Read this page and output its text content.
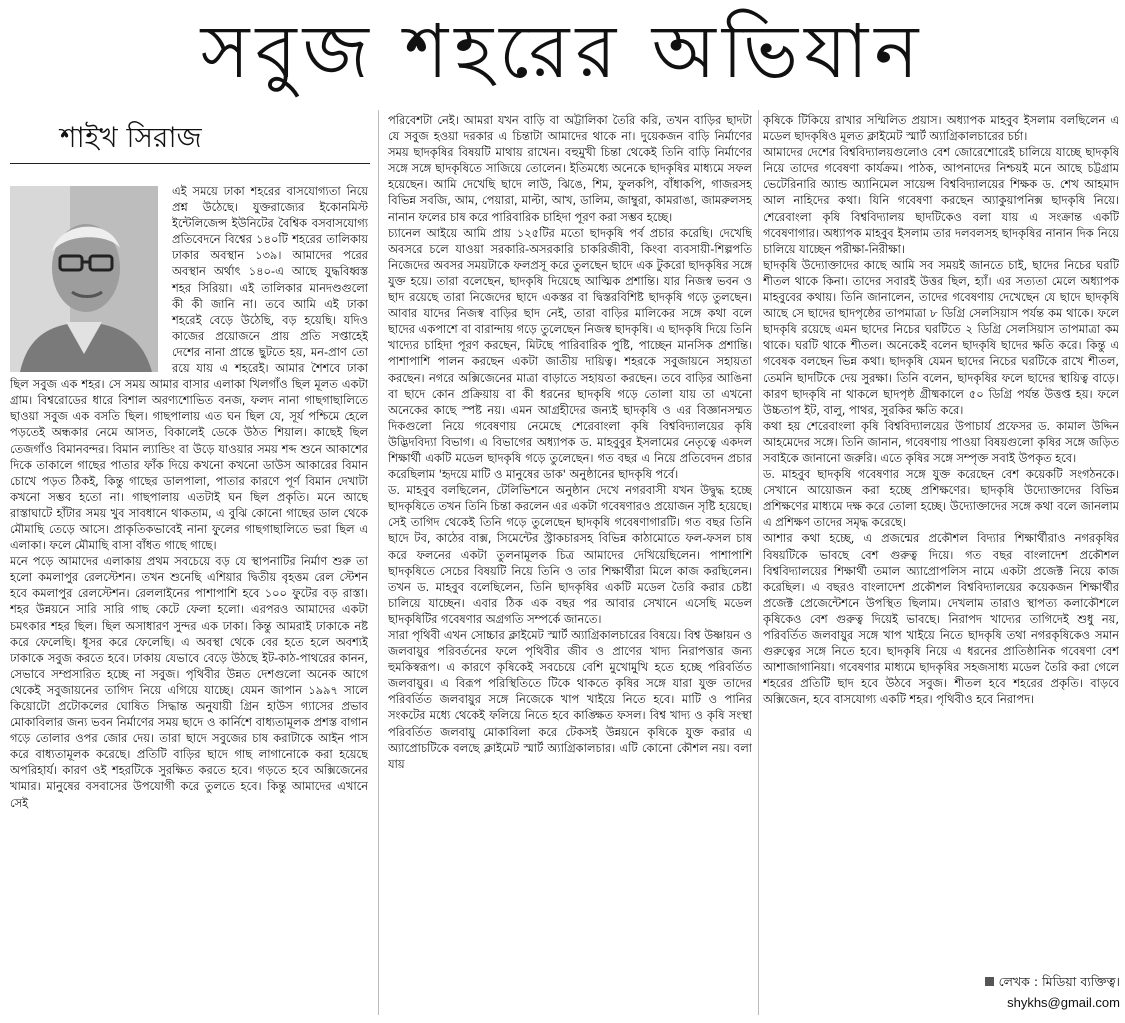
সবুজ শহরের অভিযান
শাইখ সিরাজ

এই সময়ে ঢাকা শহরের বাসযোগ্যতা নিয়ে প্রশ্ন উঠেছে। যুক্তরাজ্যের ইকোনমিস্ট ইন্টেলিজেন্স ইউনিটের বৈশ্বিক বসবাসযোগ্য প্রতিবেদনে বিশ্বের ১৪০টি শহরের তালিকায় ঢাকার অবস্থান ১৩৯। আমাদের পরের অবস্থান অর্থাৎ ১৪০-এ আছে যুদ্ধবিধ্বস্ত শহর সিরিয়া। এই তালিকার মানদণ্ডগুলো কী কী জানি না। তবে আমি এই ঢাকা শহরেই বেড়ে উঠেছি, বড় হয়েছি। যদিও কাজের প্রয়োজনে প্রায় প্রতি সপ্তাহেই দেশের নানা প্রান্তে ছুটতে হয়, মন-প্রাণ তো রয়ে যায় এ শহরেই। আমার শৈশবে ঢাকা ছিল সবুজ এক শহর। সে সময় আমার বাসার এলাকা খিলগাঁও ছিল মূলত একটা গ্রাম। বিশ্বরোডের ধারে বিশাল অরণ্যশোভিত বনজ, ফলদ নানা গাছগাছালিতে ছাওয়া সবুজ এক বসতি ছিল। গাছপালায় এত ঘন ছিল যে, সূর্য পশ্চিমে হেলে পড়তেই অন্ধকার নেমে আসত, বিকালেই ডেকে উঠত শিয়াল। কাছেই ছিল তেজগাঁও বিমানবন্দর। বিমান ল্যান্ডিং বা উড়ে যাওয়ার সময় শব্দ শুনে আকাশের দিকে তাকালে গাছের পাতার ফাঁক দিয়ে কখনো কখনো ডাউস আকারের বিমান চোখে পড়ত ঠিকই, কিন্তু গাছের ডালপালা, পাতার কারণে পূর্ণ বিমান দেখাটা কখনো সম্ভব হতো না। গাছপালায় এতটাই ঘন ছিল প্রকৃতি। মনে আছে রাস্তাঘাটে হাঁটার সময় খুব সাবধানে থাকতাম, এ বুঝি কোনো গাছের ডাল থেকে মৌমাছি তেড়ে আসে। প্রাকৃতিকভাবেই নানা ফুলের গাছগাছালিতে ভরা ছিল এ এলাকা। ফলে মৌমাছি বাসা বাঁধত গাছে গাছে।

মনে পড়ে আমাদের এলাকায় প্রথম সবচেয়ে বড় যে স্থাপনাটির নির্মাণ শুরু তা হলো কমলাপুর রেলস্টেশন। তখন শুনেছি এশিয়ার দ্বিতীয় বৃহত্তম রেল স্টেশন হবে কমলাপুর রেলস্টেশন। রেললাইনের পাশাপাশি হবে ১০০ ফুটের বড় রাস্তা। শহর উন্নয়নে সারি সারি গাছ কেটে ফেলা হলো। এরপরও আমাদের একটা চমৎকার শহর ছিল। ছিল অসাধারণ সুন্দর এক ঢাকা। কিন্তু আমরাই ঢাকাকে নষ্ট করে ফেলেছি। ধূসর করে ফেলেছি। এ অবস্থা থেকে বের হতে হলে অবশ্যই ঢাকাকে সবুজ করতে হবে। ঢাকায় যেভাবে বেড়ে উঠছে ইট-কাঠ-পাথরের কানন, সেভাবে সম্প্রসারিত হচ্ছে না সবুজ। পৃথিবীর উন্নত দেশগুলো অনেক আগে থেকেই সবুজায়নের তাগিদ নিয়ে এগিয়ে যাচ্ছে। যেমন জাপান ১৯৯৭ সালে কিয়োটো প্রটোকলের ঘোষিত সিদ্ধান্ত অনুযায়ী গ্রিন হাউস গ্যাসের প্রভাব মোকাবিলার জন্য ভবন নির্মাণের সময় ছাদে ও কার্নিশে বাধ্যতামূলক প্রশস্ত বাগান গড়ে তোলার ওপর জোর দেয়। তারা ছাদে সবুজের চাষ করাটাকে আইন পাস করে বাধ্যতামূলক করেছে। প্রতিটি বাড়ির ছাদে গাছ লাগানোকে করা হয়েছে অপরিহার্য। কারণ ওই শহরটিকে সুরক্ষিত করতে হবে। গড়তে হবে অক্সিজেনের খামার। মানুষের বসবাসের উপযোগী করে তুলতে হবে। কিন্তু আমাদের এখানে সেই

পরিবেশটা নেই। আমরা যখন বাড়ি বা অট্টালিকা তৈরি করি, তখন বাড়ির ছাদটা যে সবুজ হওয়া দরকার এ চিন্তাটা আমাদের থাকে না। দুয়েকজন বাড়ি নির্মাণের সময় ছাদকৃষির বিষয়টি মাথায় রাখেন। বহুমুখী চিন্তা থেকেই তিনি বাড়ি নির্মাণের সঙ্গে সঙ্গে ছাদকৃষিতে সাজিয়ে তোলেন। ইতিমধ্যে অনেকে ছাদকৃষির মাধ্যমে সফল হয়েছেন। আমি দেখেছি ছাদে লাউ, ঝিঙে, শিম, ফুলকপি, বাঁধাকপি, গাজরসহ বিভিন্ন সবজি, আম, পেয়ারা, মাল্টা, আখ, ডালিম, জাম্বুরা, কামরাঙা, জামরুলসহ নানান ফলের চাষ করে পারিবারিক চাহিদা পূরণ করা সম্ভব হচ্ছে।

চ্যানেল আইয়ে আমি প্রায় ১২৫টির মতো ছাদকৃষি পর্ব প্রচার করেছি। দেখেছি অবসরে চলে যাওয়া সরকারি-অসরকারি চাকরিজীবী, কিংবা ব্যবসায়ী-শিল্পপতি নিজেদের অবসর সময়টাকে ফলপ্রসূ করে তুলছেন ছাদে এক টুকরো ছাদকৃষির সঙ্গে যুক্ত হয়ে। তারা বলেছেন, ছাদকৃষি দিয়েছে আত্মিক প্রশান্তি। যার নিজস্ব ভবন ও ছাদ রয়েছে তারা নিজেদের ছাদে একস্তর বা দ্বিস্তরবিশিষ্ট ছাদকৃষি গড়ে তুলছেন। আবার যাদের নিজস্ব বাড়ির ছাদ নেই, তারা বাড়ির মালিকের সঙ্গে কথা বলে ছাদের একপাশে বা বারান্দায় গড়ে তুলেছেন নিজস্ব ছাদকৃষি। এ ছাদকৃষি দিয়ে তিনি খাদ্যের চাহিদা পূরণ করছেন, মিটছে পারিবারিক পুষ্টি, পাচ্ছেন মানসিক প্রশান্তি। পাশাপাশি পালন করছেন একটা জাতীয় দায়িত্ব। শহরকে সবুজায়নে সহায়তা করছেন। নগরে অক্সিজেনের মাত্রা বাড়াতে সহায়তা করছেন। তবে বাড়ির আঙিনা বা ছাদে কোন প্রক্রিয়ায় বা কী ধরনের ছাদকৃষি গড়ে তোলা যায় তা এখনো অনেকের কাছে স্পষ্ট নয়। এমন আগ্রহীদের জন্যই ছাদকৃষি ও এর বিজ্ঞানসম্মত দিকগুলো নিয়ে গবেষণায় নেমেছে শেরেবাংলা কৃষি বিশ্ববিদ্যালয়ের কৃষি উদ্ভিদবিদ্যা বিভাগ। এ বিভাগের অধ্যাপক ড. মাহবুবুর ইসলামের নেতৃত্বে একদল শিক্ষার্থী একটি মডেল ছাদকৃষি গড়ে তুলেছেন। গত বছর এ নিয়ে প্রতিবেদন প্রচার করেছিলাম 'হৃদয়ে মাটি ও মানুষের ডাক' অনুষ্ঠানের ছাদকৃষি পর্বে।

ড. মাহবুব বলছিলেন, টেলিভিশনে অনুষ্ঠান দেখে নগরবাসী যখন উদ্বুদ্ধ হচ্ছে ছাদকৃষিতে তখন তিনি চিন্তা করলেন এর একটা গবেষণারও প্রয়োজন সৃষ্টি হয়েছে। সেই তাগিদ থেকেই তিনি গড়ে তুলেছেন ছাদকৃষি গবেষণাগারটি। গত বছর তিনি ছাদে টব, কাঠের বাক্স, সিমেন্টের স্ট্রাকচারসহ বিভিন্ন কাঠামোতে ফল-ফসল চাষ করে ফলনের একটা তুলনামূলক চিত্র আমাদের দেখিয়েছিলেন। পাশাপাশি ছাদকৃষিতে সেচের বিষয়টি নিয়ে তিনি ও তার শিক্ষার্থীরা মিলে কাজ করছিলেন। তখন ড. মাহবুব বলেছিলেন, তিনি ছাদকৃষির একটি মডেল তৈরি করার চেষ্টা চালিয়ে যাচ্ছেন। এবার ঠিক এক বছর পর আবার সেখানে এসেছি মডেল ছাদকৃষিটির গবেষণার অগ্রগতি সম্পর্কে জানতে।

সারা পৃথিবী এখন সোচ্চার ক্লাইমেট স্মার্ট অ্যাগ্রিকালচারের বিষয়ে। বিশ্ব উষ্ণায়ন ও জলবায়ুর পরিবর্তনের ফলে পৃথিবীর জীব ও প্রাণের খাদ্য নিরাপত্তার জন্য হুমকিস্বরূপ। এ কারণে কৃষিকেই সবচেয়ে বেশি মুখোমুখি হতে হচ্ছে পরিবর্তিত জলবায়ুর। এ বিরূপ পরিস্থিতিতে টিকে থাকতে কৃষির সঙ্গে যারা যুক্ত তাদের পরিবর্তিত জলবায়ুর সঙ্গে নিজেকে খাপ খাইয়ে নিতে হবে। মাটি ও পানির সংকটের মধ্যে থেকেই ফলিয়ে নিতে হবে কাঙ্ক্ষিত ফসল। বিশ্ব খাদ্য ও কৃষি সংস্থা পরিবর্তিত জলবায়ু মোকাবিলা করে টেকসই উন্নয়নে কৃষিকে যুক্ত করার এ অ্যাপ্রোচটিকে বলছে ক্লাইমেট স্মার্ট অ্যাগ্রিকালচার। এটি কোনো কৌশল নয়। বলা যায়

কৃষিকে টিকিয়ে রাখার সম্মিলিত প্রয়াস। অধ্যাপক মাহবুব ইসলাম বলছিলেন এ মডেল ছাদকৃষিও মূলত ক্লাইমেট স্মার্ট অ্যাগ্রিকালচারের চর্চা।

আমাদের দেশের বিশ্ববিদ্যালয়গুলোও বেশ জোরেশোরেই চালিয়ে যাচ্ছে ছাদকৃষি নিয়ে তাদের গবেষণা কার্যক্রম। পাঠক, আপনাদের নিশ্চয়ই মনে আছে চট্টগ্রাম ভেটেরিনারি অ্যান্ড অ্যানিমেল সায়েন্স বিশ্ববিদ্যালয়ের শিক্ষক ড. শেখ আহমাদ আল নাহিদের কথা। যিনি গবেষণা করছেন অ্যাকুয়াপনিক্স ছাদকৃষি নিয়ে। শেরেবাংলা কৃষি বিশ্ববিদ্যালয় ছাদটিকেও বলা যায় এ সংক্রান্ত একটি গবেষণাগার। অধ্যাপক মাহবুব ইসলাম তার দলবলসহ ছাদকৃষির নানান দিক নিয়ে চালিয়ে যাচ্ছেন পরীক্ষা-নিরীক্ষা।

ছাদকৃষি উদ্যোক্তাদের কাছে আমি সব সময়ই জানতে চাই, ছাদের নিচের ঘরটি শীতল থাকে কিনা। তাদের সবারই উত্তর ছিল, হ্যাঁ। এর সত্যতা মেলে অধ্যাপক মাহবুবের কথায়। তিনি জানালেন, তাদের গবেষণায় দেখেছেন যে ছাদে ছাদকৃষি আছে সে ছাদের ছাদপৃষ্ঠের তাপমাত্রা ৮ ডিগ্রি সেলসিয়াস পর্যন্ত কম থাকে। ফলে ছাদকৃষি রয়েছে এমন ছাদের নিচের ঘরটিতে ২ ডিগ্রি সেলসিয়াস তাপমাত্রা কম থাকে। ঘরটি থাকে শীতল। অনেকেই বলেন ছাদকৃষি ছাদের ক্ষতি করে। কিন্তু এ গবেষক বলছেন ভিন্ন কথা। ছাদকৃষি যেমন ছাদের নিচের ঘরটিকে রাখে শীতল, তেমনি ছাদটিকে দেয় সুরক্ষা। তিনি বলেন, ছাদকৃষির ফলে ছাদের স্থায়িত্ব বাড়ে। কারণ ছাদকৃষি না থাকলে ছাদপৃষ্ঠ গ্রীষ্মকালে ৫০ ডিগ্রি পর্যন্ত উত্তপ্ত হয়। ফলে উচ্চতাপ ইট, বালু, পাথর, সুরকির ক্ষতি করে।

কথা হয় শেরেবাংলা কৃষি বিশ্ববিদ্যালয়ের উপাচার্য প্রফেসর ড. কামাল উদ্দিন আহমেদের সঙ্গে। তিনি জানান, গবেষণায় পাওয়া বিষয়গুলো কৃষির সঙ্গে জড়িত সবাইকে জানানো জরুরি। এতে কৃষির সঙ্গে সম্পৃক্ত সবাই উপকৃত হবে।

ড. মাহবুব ছাদকৃষি গবেষণার সঙ্গে যুক্ত করেছেন বেশ কয়েকটি সংগঠনকে। সেখানে আয়োজন করা হচ্ছে প্রশিক্ষণের। ছাদকৃষি উদ্যোক্তাদের বিভিন্ন প্রশিক্ষণের মাধ্যমে দক্ষ করে তোলা হচ্ছে। উদ্যোক্তাদের সঙ্গে কথা বলে জানলাম এ প্রশিক্ষণ তাদের সমৃদ্ধ করেছে।

আশার কথা হচ্ছে, এ প্রজন্মের প্রকৌশল বিদ্যার শিক্ষার্থীরাও নগরকৃষির বিষয়টিকে ভাবছে বেশ গুরুত্ব দিয়ে। গত বছর বাংলাদেশ প্রকৌশল বিশ্ববিদ্যালয়ের শিক্ষার্থী তমাল অ্যাপ্রোপলিস নামে একটা প্রজেক্ট নিয়ে কাজ করেছিল। এ বছরও বাংলাদেশ প্রকৌশল বিশ্ববিদ্যালয়ের কয়েকজন শিক্ষার্থীর প্রজেক্ট প্রেজেন্টেশনে উপস্থিত ছিলাম। দেখলাম তারাও স্থাপত্য কলাকৌশলে কৃষিকেও বেশ গুরুত্ব দিয়েই ভাবছে। নিরাপদ খাদ্যের তাগিদেই শুধু নয়, পরিবর্তিত জলবায়ুর সঙ্গে খাপ খাইয়ে নিতে ছাদকৃষি তথা নগরকৃষিকেও সমান গুরুত্বের সঙ্গে নিতে হবে। ছাদকৃষি নিয়ে এ ধরনের প্রাতিষ্ঠানিক গবেষণা বেশ আশাজাগানিয়া। গবেষণার মাধ্যমে ছাদকৃষির সহজসাধ্য মডেল তৈরি করা গেলে শহরের প্রতিটি ছাদ হবে উঠবে সবুজ। শীতল হবে শহরের প্রকৃতি। বাড়বে অক্সিজেন, হবে বাসযোগ্য একটি শহর। পৃথিবীও হবে নিরাপদ।

লেখক : মিডিয়া ব্যক্তিত্ব।
shykhs@gmail.com
